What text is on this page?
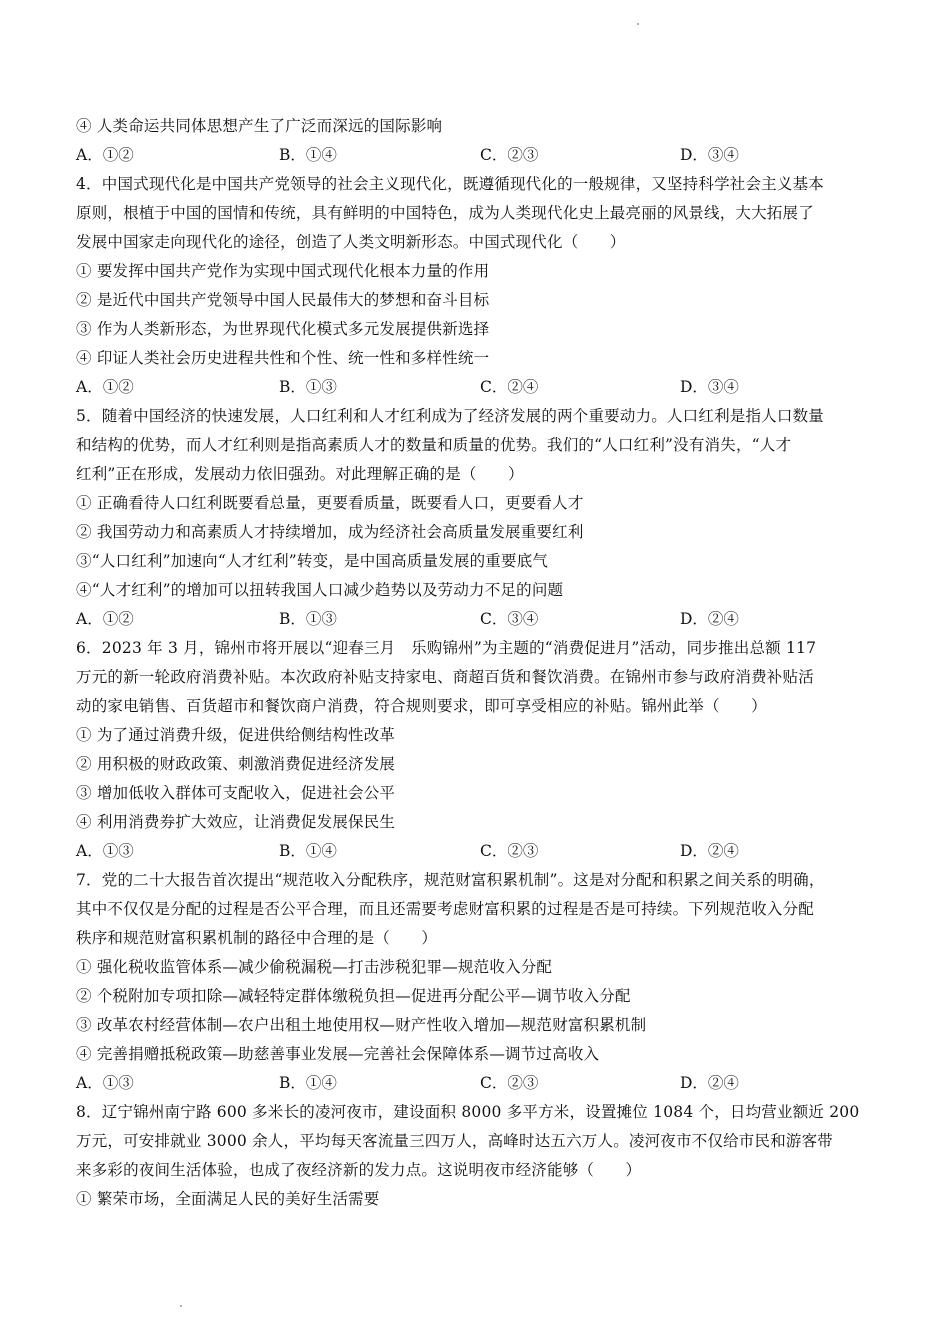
④ 人类命运共同体思想产生了广泛而深远的国际影响
A．①②	B．①④	C．②③	D．③④
4．中国式现代化是中国共产党领导的社会主义现代化，既遵循现代化的一般规律，又坚持科学社会主义基本
原则，根植于中国的国情和传统，具有鲜明的中国特色，成为人类现代化史上最亮丽的风景线，大大拓展了
发展中国家走向现代化的途径，创造了人类文明新形态。中国式现代化（　　）
① 要发挥中国共产党作为实现中国式现代化根本力量的作用
② 是近代中国共产党领导中国人民最伟大的梦想和奋斗目标
③ 作为人类新形态，为世界现代化模式多元发展提供新选择
④ 印证人类社会历史进程共性和个性、统一性和多样性统一
A．①②	B．①③	C．②④	D．③④
5．随着中国经济的快速发展，人口红利和人才红利成为了经济发展的两个重要动力。人口红利是指人口数量
和结构的优势，而人才红利则是指高素质人才的数量和质量的优势。我们的“人口红利”没有消失，“人才
红利”正在形成，发展动力依旧强劲。对此理解正确的是（　　）
① 正确看待人口红利既要看总量，更要看质量，既要看人口，更要看人才
② 我国劳动力和高素质人才持续增加，成为经济社会高质量发展重要红利
③“人口红利”加速向“人才红利”转变，是中国高质量发展的重要底气
④“人才红利”的增加可以扭转我国人口减少趋势以及劳动力不足的问题
A．①②	B．①③	C．③④	D．②④
6．2023 年 3 月，锦州市将开展以“迎春三月　乐购锦州”为主题的“消费促进月”活动，同步推出总额 117
万元的新一轮政府消费补贴。本次政府补贴支持家电、商超百货和餐饮消费。在锦州市参与政府消费补贴活
动的家电销售、百货超市和餐饮商户消费，符合规则要求，即可享受相应的补贴。锦州此举（　　）
① 为了通过消费升级，促进供给侧结构性改革
② 用积极的财政政策、刺激消费促进经济发展
③ 增加低收入群体可支配收入，促进社会公平
④ 利用消费券扩大效应，让消费促发展保民生
A．①③	B．①④	C．②③	D．②④
7．党的二十大报告首次提出“规范收入分配秩序，规范财富积累机制”。这是对分配和积累之间关系的明确，
其中不仅仅是分配的过程是否公平合理，而且还需要考虑财富积累的过程是否是可持续。下列规范收入分配
秩序和规范财富积累机制的路径中合理的是（　　）
① 强化税收监管体系—减少偷税漏税—打击涉税犯罪—规范收入分配
② 个税附加专项扣除—减轻特定群体缴税负担—促进再分配公平—调节收入分配
③ 改革农村经营体制—农户出租土地使用权—财产性收入增加—规范财富积累机制
④ 完善捐赠抵税政策—助慈善事业发展—完善社会保障体系—调节过高收入
A．①③	B．①④	C．②③	D．②④
8．辽宁锦州南宁路 600 多米长的凌河夜市，建设面积 8000 多平方米，设置摊位 1084 个，日均营业额近 200
万元，可安排就业 3000 余人，平均每天客流量三四万人，高峰时达五六万人。凌河夜市不仅给市民和游客带
来多彩的夜间生活体验，也成了夜经济新的发力点。这说明夜市经济能够（　　）
① 繁荣市场，全面满足人民的美好生活需要
